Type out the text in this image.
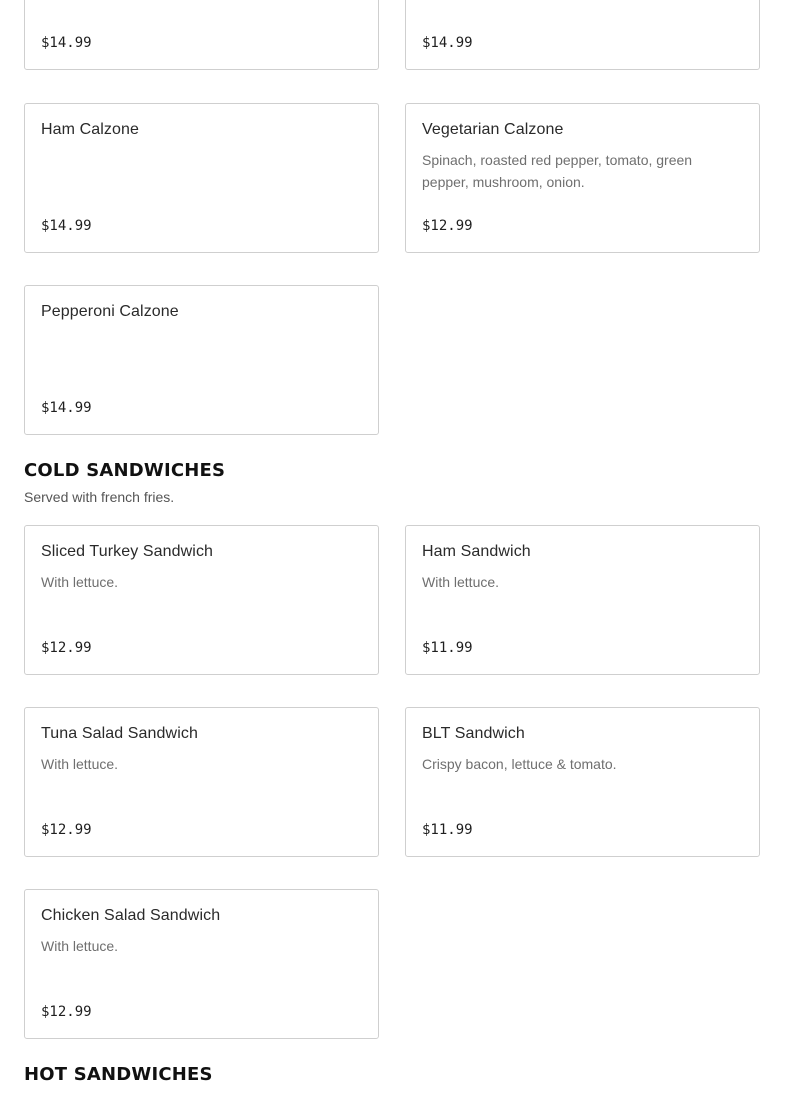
$14.99	$14.99
Ham Calzone
$14.99
Vegetarian Calzone
Spinach, roasted red pepper, tomato, green pepper, mushroom, onion.
$12.99
Pepperoni Calzone
$14.99
COLD SANDWICHES
Served with french fries.
Sliced Turkey Sandwich
With lettuce.
$12.99
Ham Sandwich
With lettuce.
$11.99
Tuna Salad Sandwich
With lettuce.
$12.99
BLT Sandwich
Crispy bacon, lettuce & tomato.
$11.99
Chicken Salad Sandwich
With lettuce.
$12.99
HOT SANDWICHES
